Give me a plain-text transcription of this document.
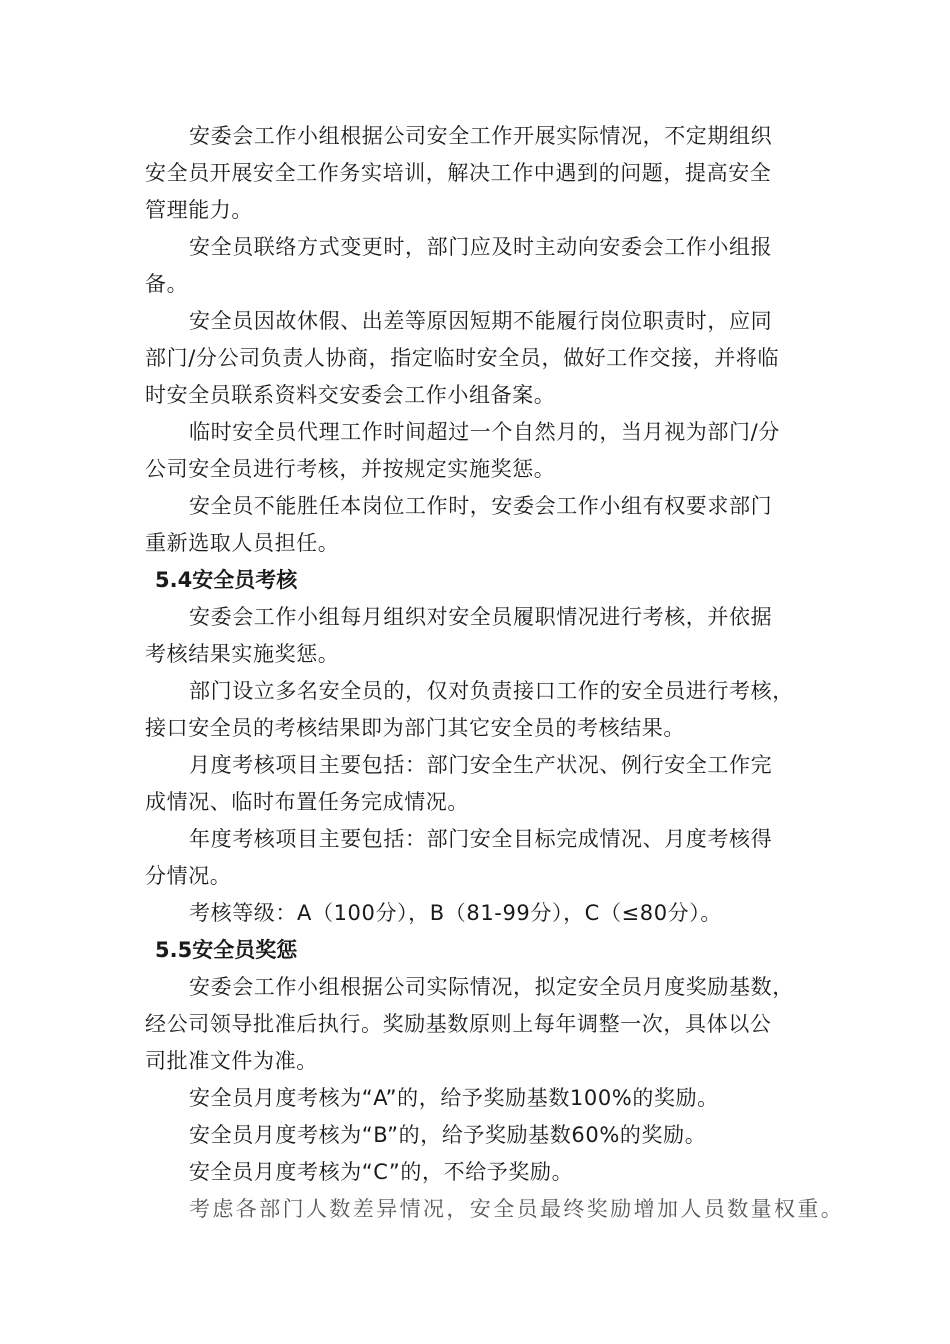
安委会工作小组根据公司安全工作开展实际情况，不定期组织
安全员开展安全工作务实培训，解决工作中遇到的问题，提高安全
管理能力。
安全员联络方式变更时，部门应及时主动向安委会工作小组报
备。
安全员因故休假、出差等原因短期不能履行岗位职责时，应同
部门/分公司负责人协商，指定临时安全员，做好工作交接，并将临
时安全员联系资料交安委会工作小组备案。
临时安全员代理工作时间超过一个自然月的，当月视为部门/分
公司安全员进行考核，并按规定实施奖惩。
安全员不能胜任本岗位工作时，安委会工作小组有权要求部门
重新选取人员担任。
5.4安全员考核
安委会工作小组每月组织对安全员履职情况进行考核，并依据
考核结果实施奖惩。
部门设立多名安全员的，仅对负责接口工作的安全员进行考核，
接口安全员的考核结果即为部门其它安全员的考核结果。
月度考核项目主要包括：部门安全生产状况、例行安全工作完
成情况、临时布置任务完成情况。
年度考核项目主要包括：部门安全目标完成情况、月度考核得
分情况。
考核等级：A（100分），B（81-99分），C（≤80分）。
5.5安全员奖惩
安委会工作小组根据公司实际情况，拟定安全员月度奖励基数，
经公司领导批准后执行。奖励基数原则上每年调整一次，具体以公
司批准文件为准。
安全员月度考核为“A”的，给予奖励基数100%的奖励。
安全员月度考核为“B”的，给予奖励基数60%的奖励。
安全员月度考核为“C”的，不给予奖励。
考虑各部门人数差异情况，安全员最终奖励增加人员数量权重。
